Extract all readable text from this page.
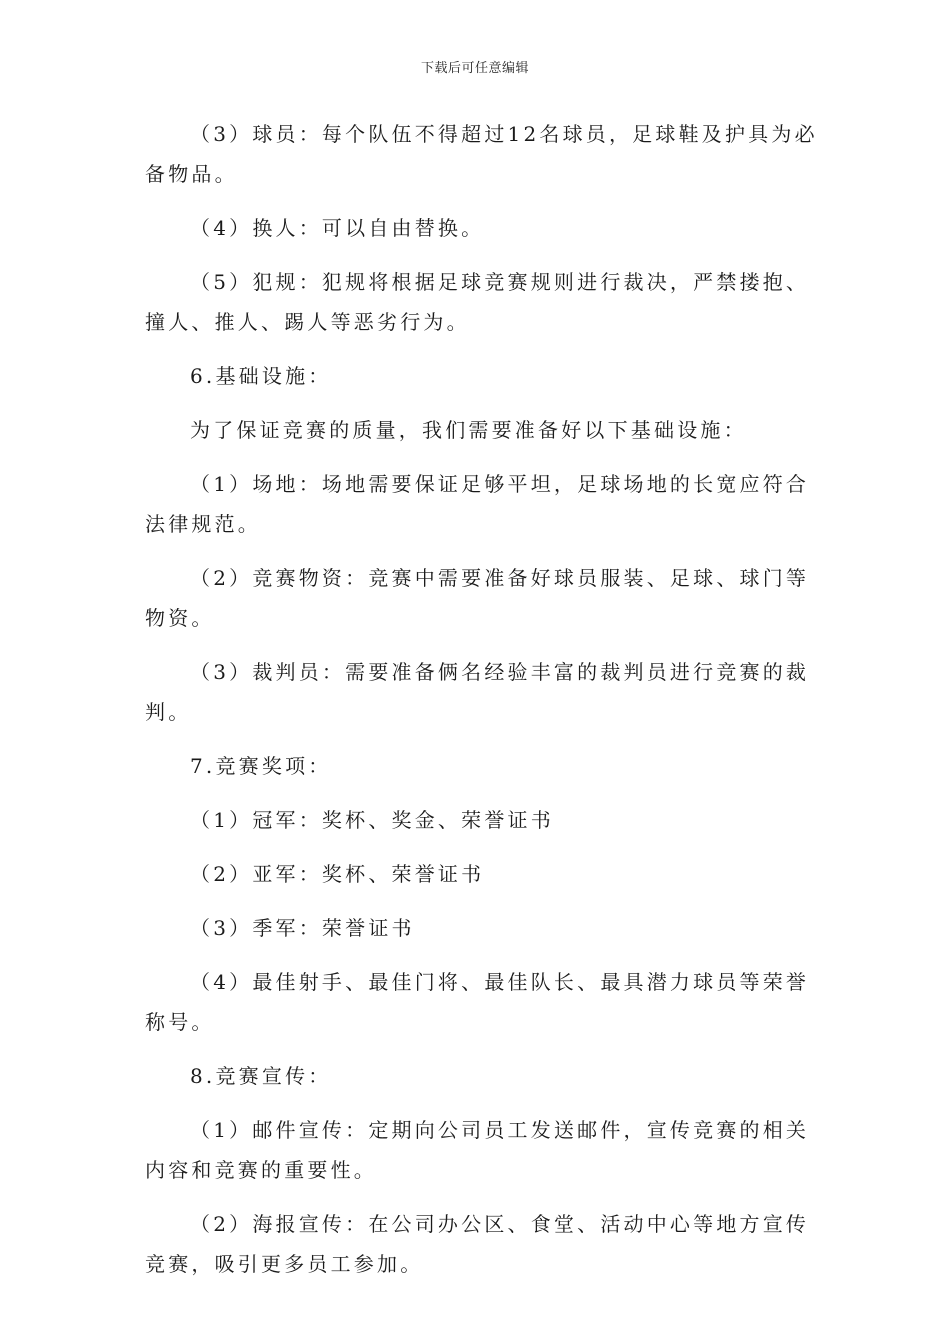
下载后可任意编辑

（3）球员：每个队伍不得超过12名球员，足球鞋及护具为必备物品。

（4）换人：可以自由替换。

（5）犯规：犯规将根据足球竞赛规则进行裁决，严禁搂抱、撞人、推人、踢人等恶劣行为。

6.基础设施：

为了保证竞赛的质量，我们需要准备好以下基础设施：

（1）场地：场地需要保证足够平坦，足球场地的长宽应符合法律规范。

（2）竞赛物资：竞赛中需要准备好球员服装、足球、球门等物资。

（3）裁判员：需要准备俩名经验丰富的裁判员进行竞赛的裁判。

7.竞赛奖项：

（1）冠军：奖杯、奖金、荣誉证书

（2）亚军：奖杯、荣誉证书

（3）季军：荣誉证书

（4）最佳射手、最佳门将、最佳队长、最具潜力球员等荣誉称号。

8.竞赛宣传：

（1）邮件宣传：定期向公司员工发送邮件，宣传竞赛的相关内容和竞赛的重要性。

（2）海报宣传：在公司办公区、食堂、活动中心等地方宣传竞赛，吸引更多员工参加。
